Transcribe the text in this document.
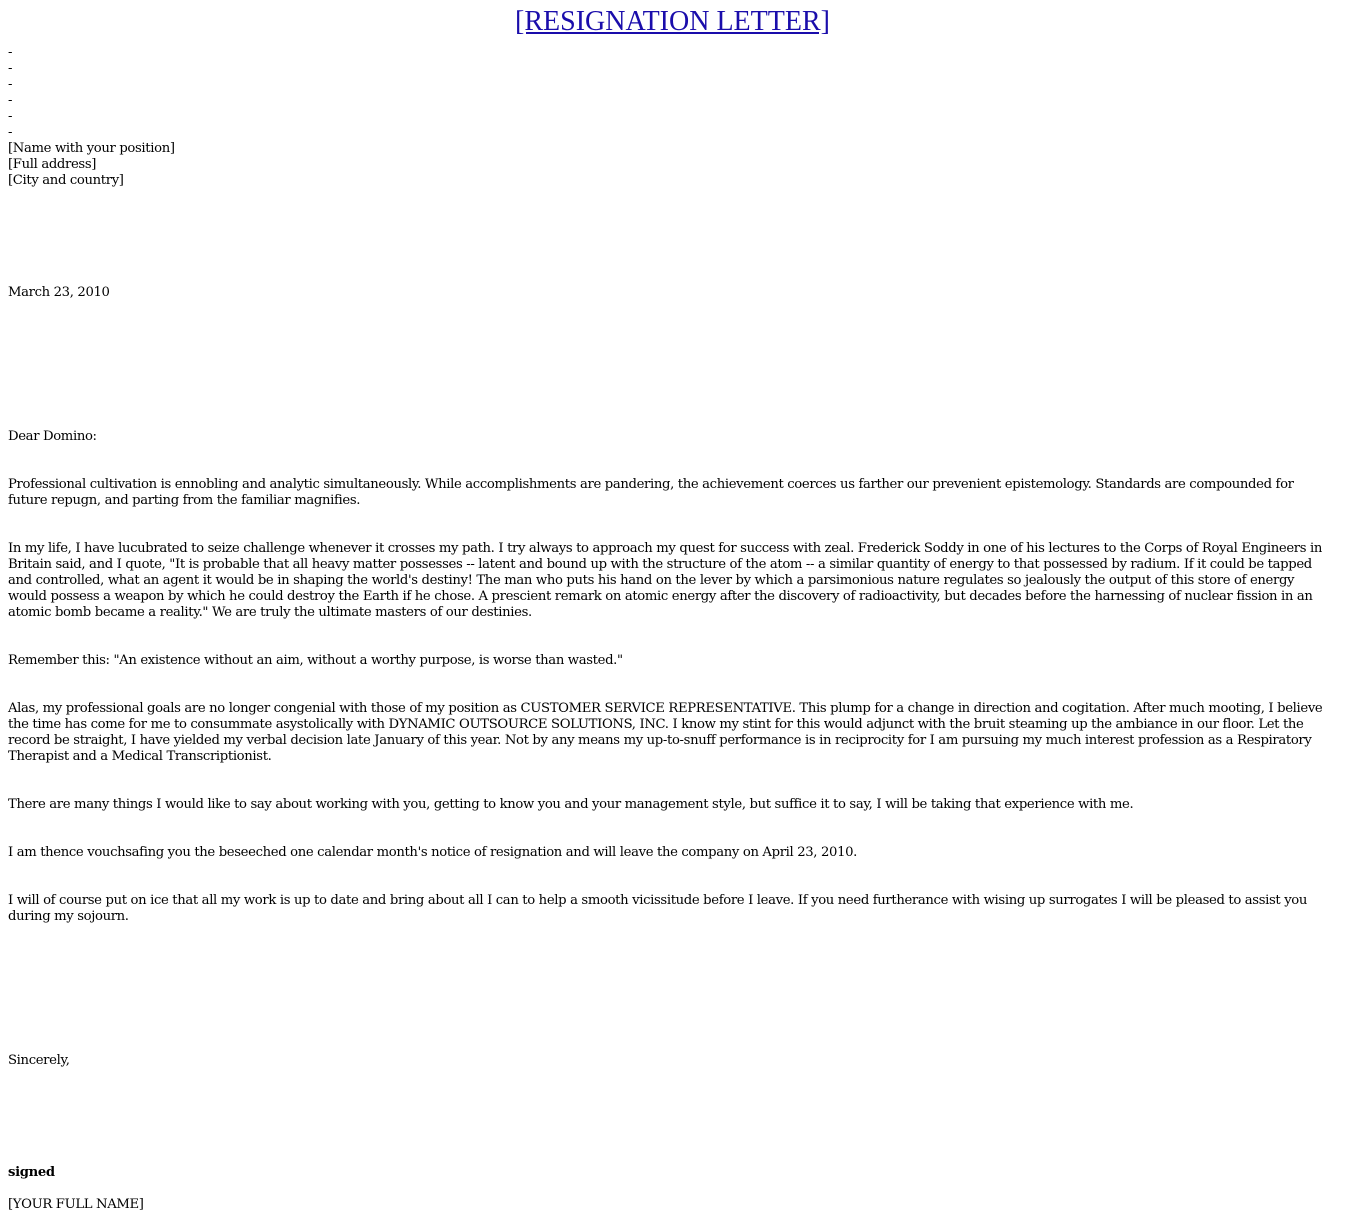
[RESIGNATION LETTER]
-
-
-
-
-
-
[Name with your position]
[Full address]
[City and country]
March 23, 2010
Dear Domino:

Professional cultivation is ennobling and analytic simultaneously. While accomplishments are pandering, the achievement coerces us farther our prevenient epistemology. Standards are compounded for future repugn, and parting from the familiar magnifies.

In my life, I have lucubrated to seize challenge whenever it crosses my path. I try always to approach my quest for success with zeal. Frederick Soddy in one of his lectures to the Corps of Royal Engineers in Britain said, and I quote, "It is probable that all heavy matter possesses -- latent and bound up with the structure of the atom -- a similar quantity of energy to that possessed by radium. If it could be tapped and controlled, what an agent it would be in shaping the world's destiny! The man who puts his hand on the lever by which a parsimonious nature regulates so jealously the output of this store of energy would possess a weapon by which he could destroy the Earth if he chose. A prescient remark on atomic energy after the discovery of radioactivity, but decades before the harnessing of nuclear fission in an atomic bomb became a reality." We are truly the ultimate masters of our destinies.

Remember this: "An existence without an aim, without a worthy purpose, is worse than wasted."

Alas, my professional goals are no longer congenial with those of my position as CUSTOMER SERVICE REPRESENTATIVE. This plump for a change in direction and cogitation. After much mooting, I believe the time has come for me to consummate asystolically with DYNAMIC OUTSOURCE SOLUTIONS, INC. I know my stint for this would adjunct with the bruit steaming up the ambiance in our floor. Let the record be straight, I have yielded my verbal decision late January of this year. Not by any means my up-to-snuff performance is in reciprocity for I am pursuing my much interest profession as a Respiratory Therapist and a Medical Transcriptionist.

There are many things I would like to say about working with you, getting to know you and your management style, but suffice it to say, I will be taking that experience with me.

I am thence vouchsafing you the beseeched one calendar month's notice of resignation and will leave the company on April 23, 2010.

I will of course put on ice that all my work is up to date and bring about all I can to help a smooth vicissitude before I leave. If you need furtherance with wising up surrogates I will be pleased to assist you during my sojourn.

Sincerely,
signed
[YOUR FULL NAME]
